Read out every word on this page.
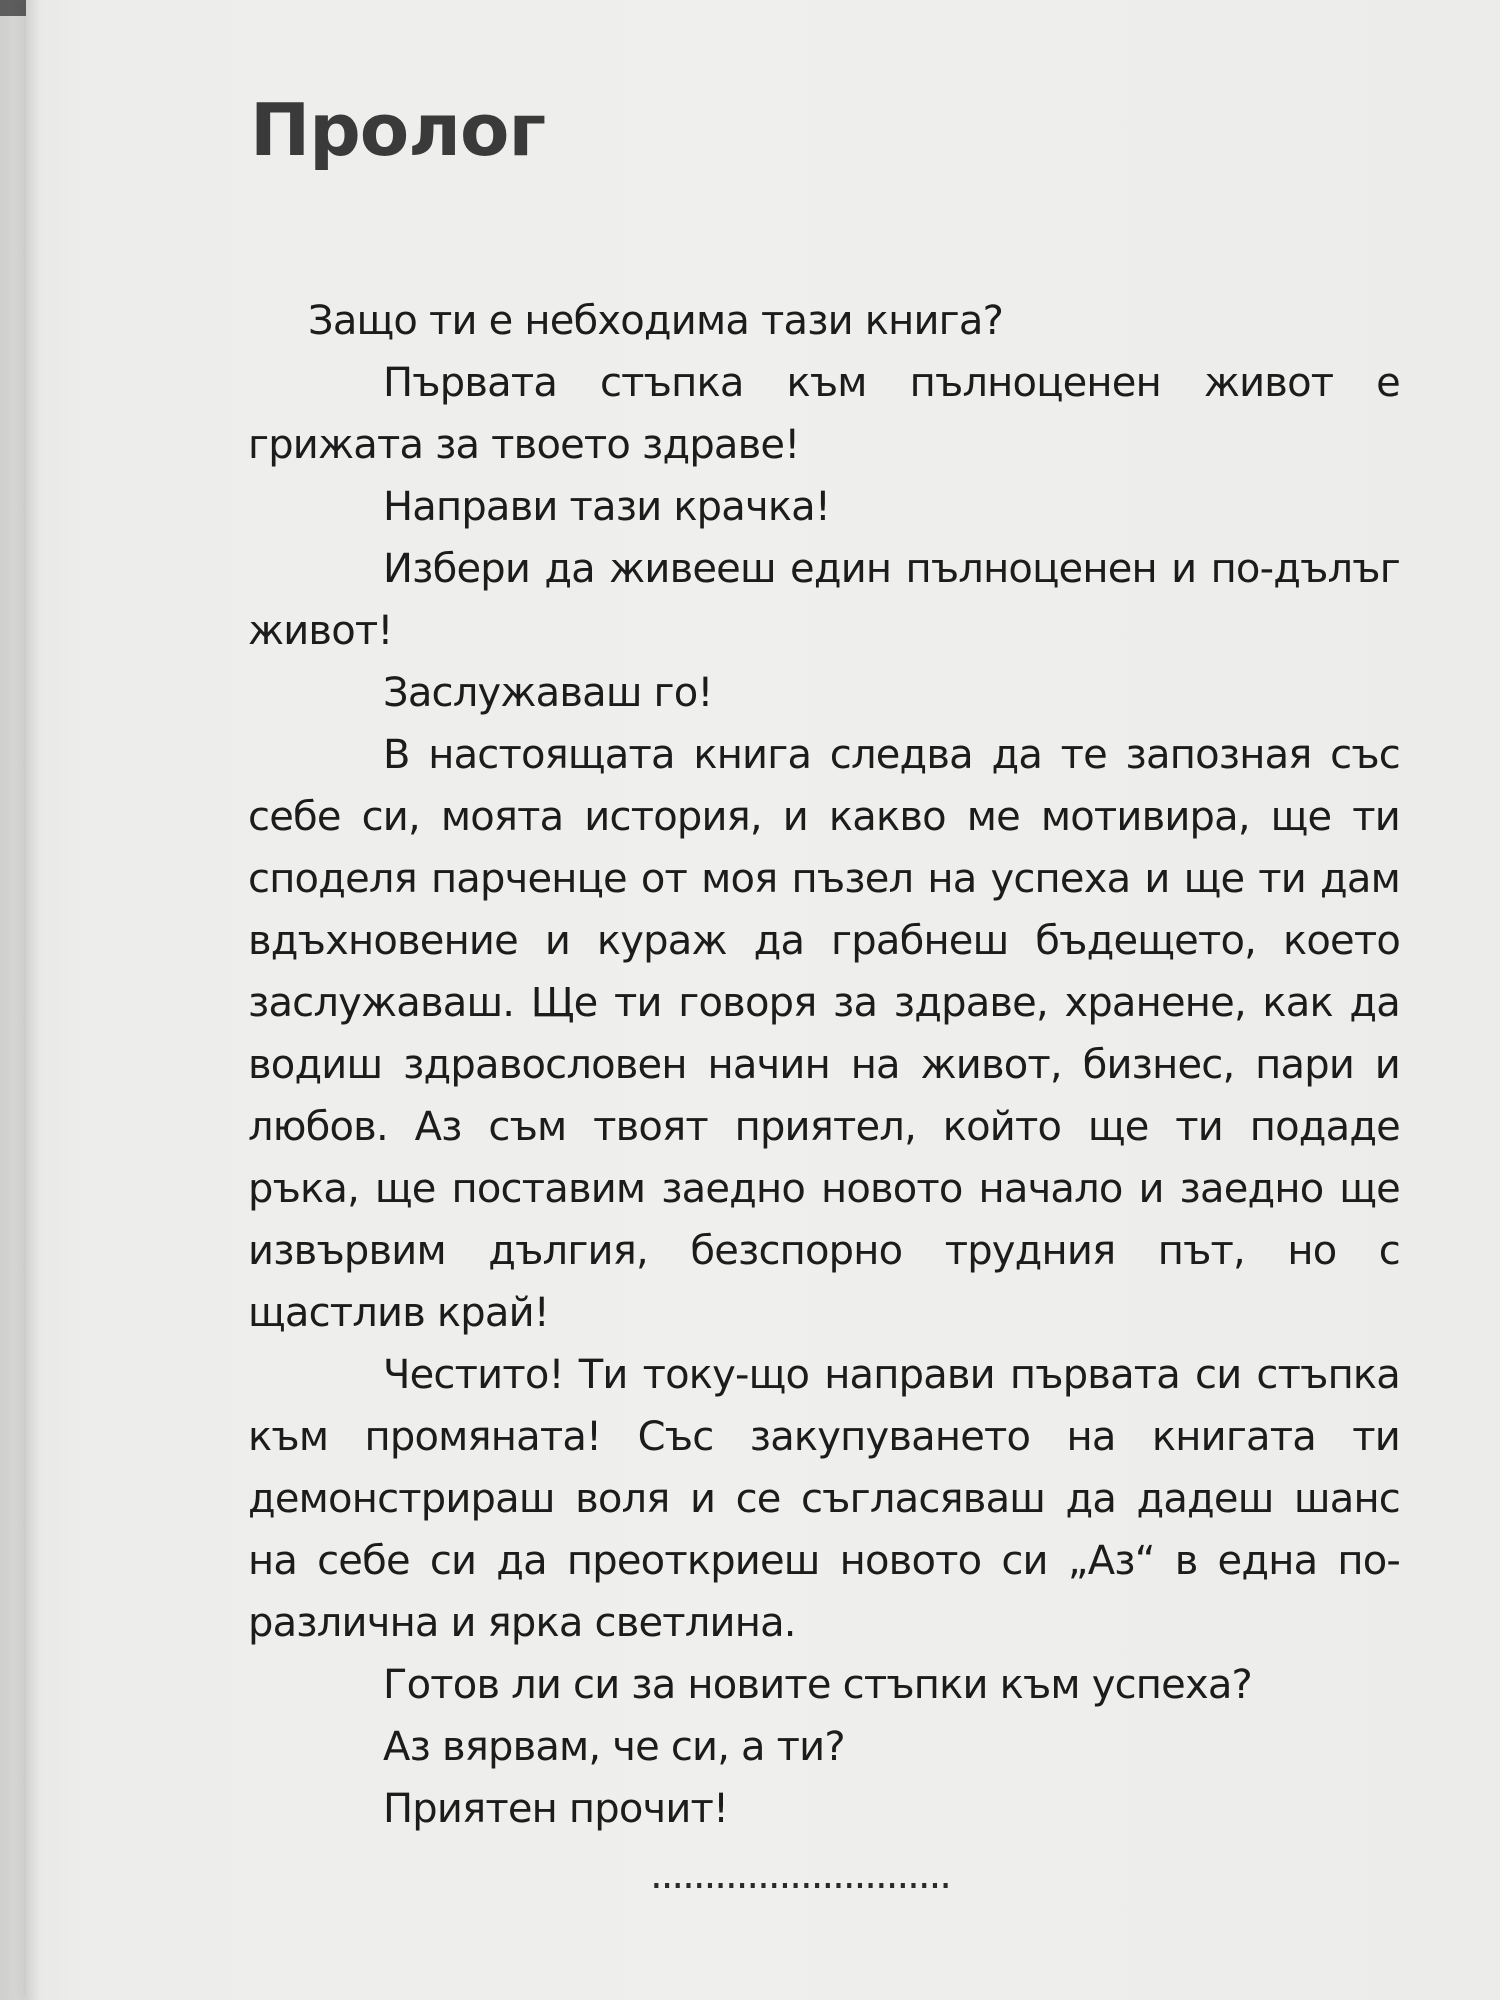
Пролог

Защо ти е небходима тази книга?

Първата стъпка към пълноценен живот е грижата за твоето здраве!

Направи тази крачка!

Избери да живееш един пълноценен и по-дълъг живот!

Заслужаваш го!

В настоящата книга следва да те запозная със себе си, моята история, и какво ме мотивира, ще ти споделя парченце от моя пъзел на успеха и ще ти дам вдъхновение и кураж да грабнеш бъдещето, което заслужаваш. Ще ти говоря за здраве, хранене, как да водиш здравословен начин на живот, бизнес, пари и любов. Аз съм твоят приятел, който ще ти подаде ръка, ще поставим заедно новото начало и заедно ще извървим дългия, безспорно трудния път, но с щастлив край!

Честито! Ти току-що направи първата си стъпка към промяната! Със закупуването на книгата ти демонстрираш воля и се съгласяваш да дадеш шанс на себе си да преоткриеш новото си „Аз“ в една по-различна и ярка светлина.

Готов ли си за новите стъпки към успеха?

Аз вярвам, че си, а ти?

Приятен прочит!

............................
